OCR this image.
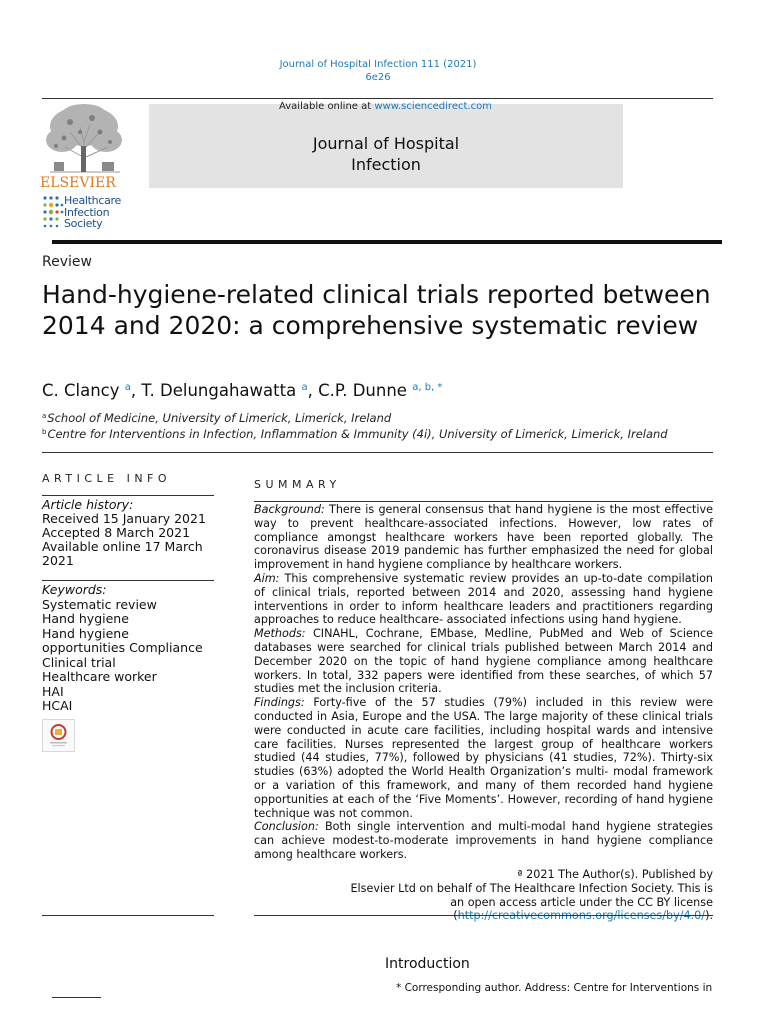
Journal of Hospital Infection 111 (2021)
6e26
ELSEVIER
Healthcare
Infection
Society
Available online at www.sciencedirect.com
Journal of Hospital
Infection
Review
Hand-hygiene-related clinical trials reported between 2014 and 2020: a comprehensive systematic review
C. Clancy $^a$, T. Delungahawatta $^a$, C.P. Dunne $^{a, b, *}$
$^a$School of Medicine, University of Limerick, Limerick, Ireland
$^b$Centre for Interventions in Infection, Inflammation & Immunity (4i), University of Limerick, Limerick, Ireland
ARTICLE INFO
Article history:
Received 15 January 2021
Accepted 8 March 2021
Available online 17 March 2021
Keywords:
Systematic review
Hand hygiene
Hand hygiene opportunities Compliance
Clinical trial
Healthcare worker
HAI
HCAI
SUMMARY

Background: There is general consensus that hand hygiene is the most effective way to prevent healthcare-associated infections. However, low rates of compliance amongst healthcare workers have been reported globally. The coronavirus disease 2019 pandemic has further emphasized the need for global improvement in hand hygiene compliance by healthcare workers.

Aim: This comprehensive systematic review provides an up-to-date compilation of clinical trials, reported between 2014 and 2020, assessing hand hygiene interventions in order to inform healthcare leaders and practitioners regarding approaches to reduce healthcare- associated infections using hand hygiene.

Methods: CINAHL, Cochrane, EMbase, Medline, PubMed and Web of Science databases were searched for clinical trials published between March 2014 and December 2020 on the topic of hand hygiene compliance among healthcare workers. In total, 332 papers were identified from these searches, of which 57 studies met the inclusion criteria.

Findings: Forty-five of the 57 studies (79%) included in this review were conducted in Asia, Europe and the USA. The large majority of these clinical trials were conducted in acute care facilities, including hospital wards and intensive care facilities. Nurses represented the largest group of healthcare workers studied (44 studies, 77%), followed by physicians (41 studies, 72%). Thirty-six studies (63%) adopted the World Health Organization’s multi- modal framework or a variation of this framework, and many of them recorded hand hygiene opportunities at each of the ‘Five Moments’. However, recording of hand hygiene technique was not common.

Conclusion: Both single intervention and multi-modal hand hygiene strategies can achieve modest-to-moderate improvements in hand hygiene compliance among healthcare workers.

ª 2021 The Author(s). Published by
Elsevier Ltd on behalf of The Healthcare Infection Society. This is
an open access article under the CC BY license
Introduction
* Corresponding author. Address: Centre for Interventions in
